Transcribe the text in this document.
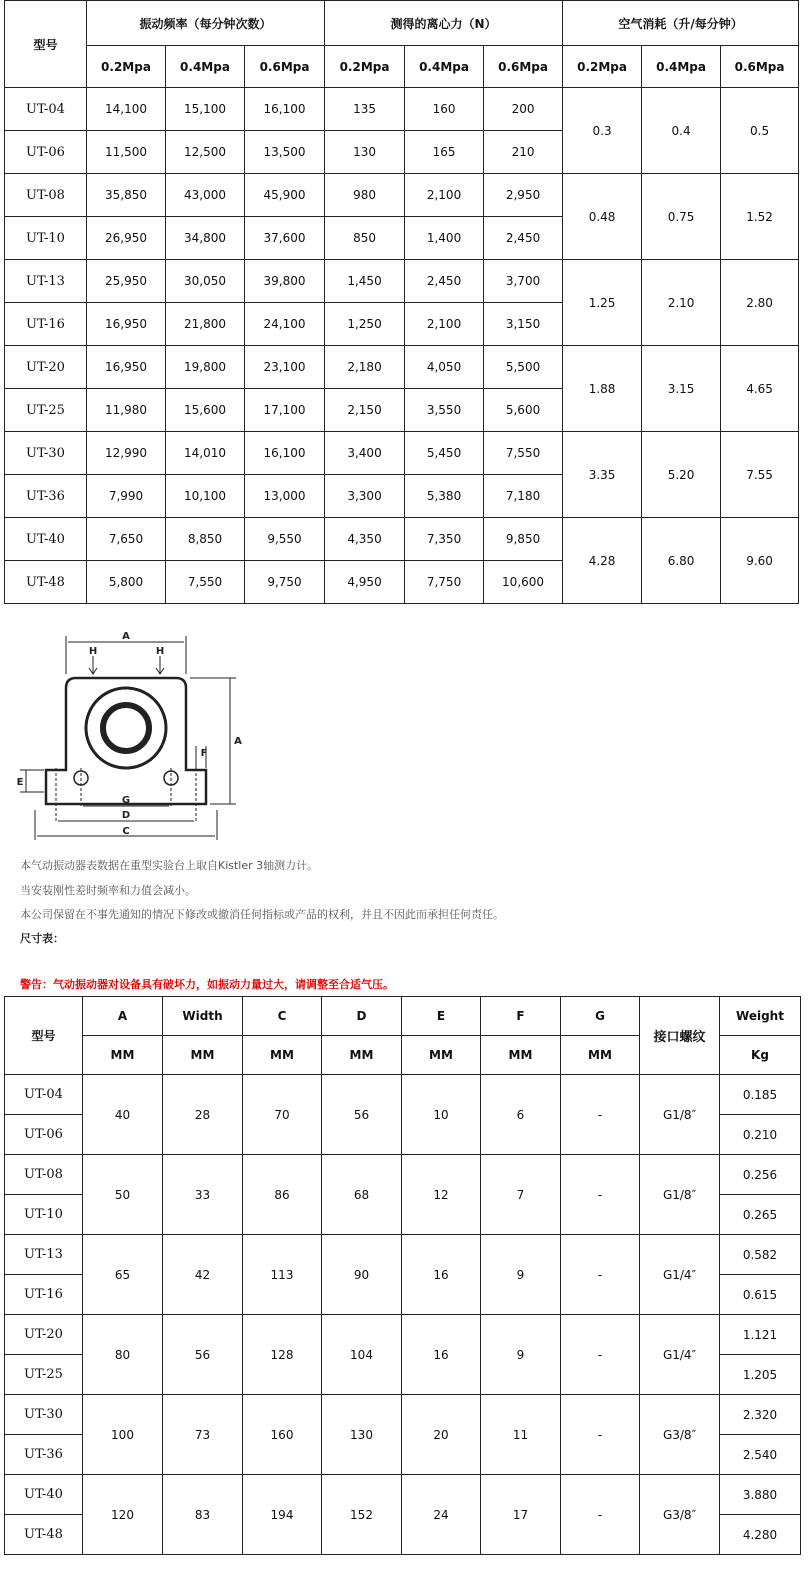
型号	振动频率（每分钟次数）			测得的离心力（N）			空气消耗（升/每分钟）		
	0.2Mpa	0.4Mpa	0.6Mpa	0.2Mpa	0.4Mpa	0.6Mpa	0.2Mpa	0.4Mpa	0.6Mpa
UT-04	14,100	15,100	16,100	135	160	200	0.3	0.4	0.5
UT-06	11,500	12,500	13,500	130	165	210			
UT-08	35,850	43,000	45,900	980	2,100	2,950	0.48	0.75	1.52
UT-10	26,950	34,800	37,600	850	1,400	2,450			
UT-13	25,950	30,050	39,800	1,450	2,450	3,700	1.25	2.10	2.80
UT-16	16,950	21,800	24,100	1,250	2,100	3,150			
UT-20	16,950	19,800	23,100	2,180	4,050	5,500	1.88	3.15	4.65
UT-25	11,980	15,600	17,100	2,150	3,550	5,600			
UT-30	12,990	14,010	16,100	3,400	5,450	7,550	3.35	5.20	7.55
UT-36	7,990	10,100	13,000	3,300	5,380	7,180			
UT-40	7,650	8,850	9,550	4,350	7,350	9,850	4.28	6.80	9.60
UT-48	5,800	7,550	9,750	4,950	7,750	10,600			
A
H	H
A
E
F
G
D
C
本气动振动器表数据在重型实验台上取自Kistler 3轴测力计。
当安装刚性差时频率和力值会减小。
本公司保留在不事先通知的情况下修改或撤消任何指标或产品的权利，并且不因此而承担任何责任。
尺寸表：
警告：气动振动器对设备具有破坏力，如振动力量过大，请调整至合适气压。
型号	A	Width	C	D	E	F	G	接口螺纹	Weight
	MM	MM	MM	MM	MM	MM	MM		Kg
UT-04	40	28	70	56	10	6	-	G1/8″	0.185
UT-06									0.210
UT-08	50	33	86	68	12	7	-	G1/8″	0.256
UT-10									0.265
UT-13	65	42	113	90	16	9	-	G1/4″	0.582
UT-16									0.615
UT-20	80	56	128	104	16	9	-	G1/4″	1.121
UT-25									1.205
UT-30	100	73	160	130	20	11	-	G3/8″	2.320
UT-36									2.540
UT-40	120	83	194	152	24	17	-	G3/8″	3.880
UT-48									4.280
